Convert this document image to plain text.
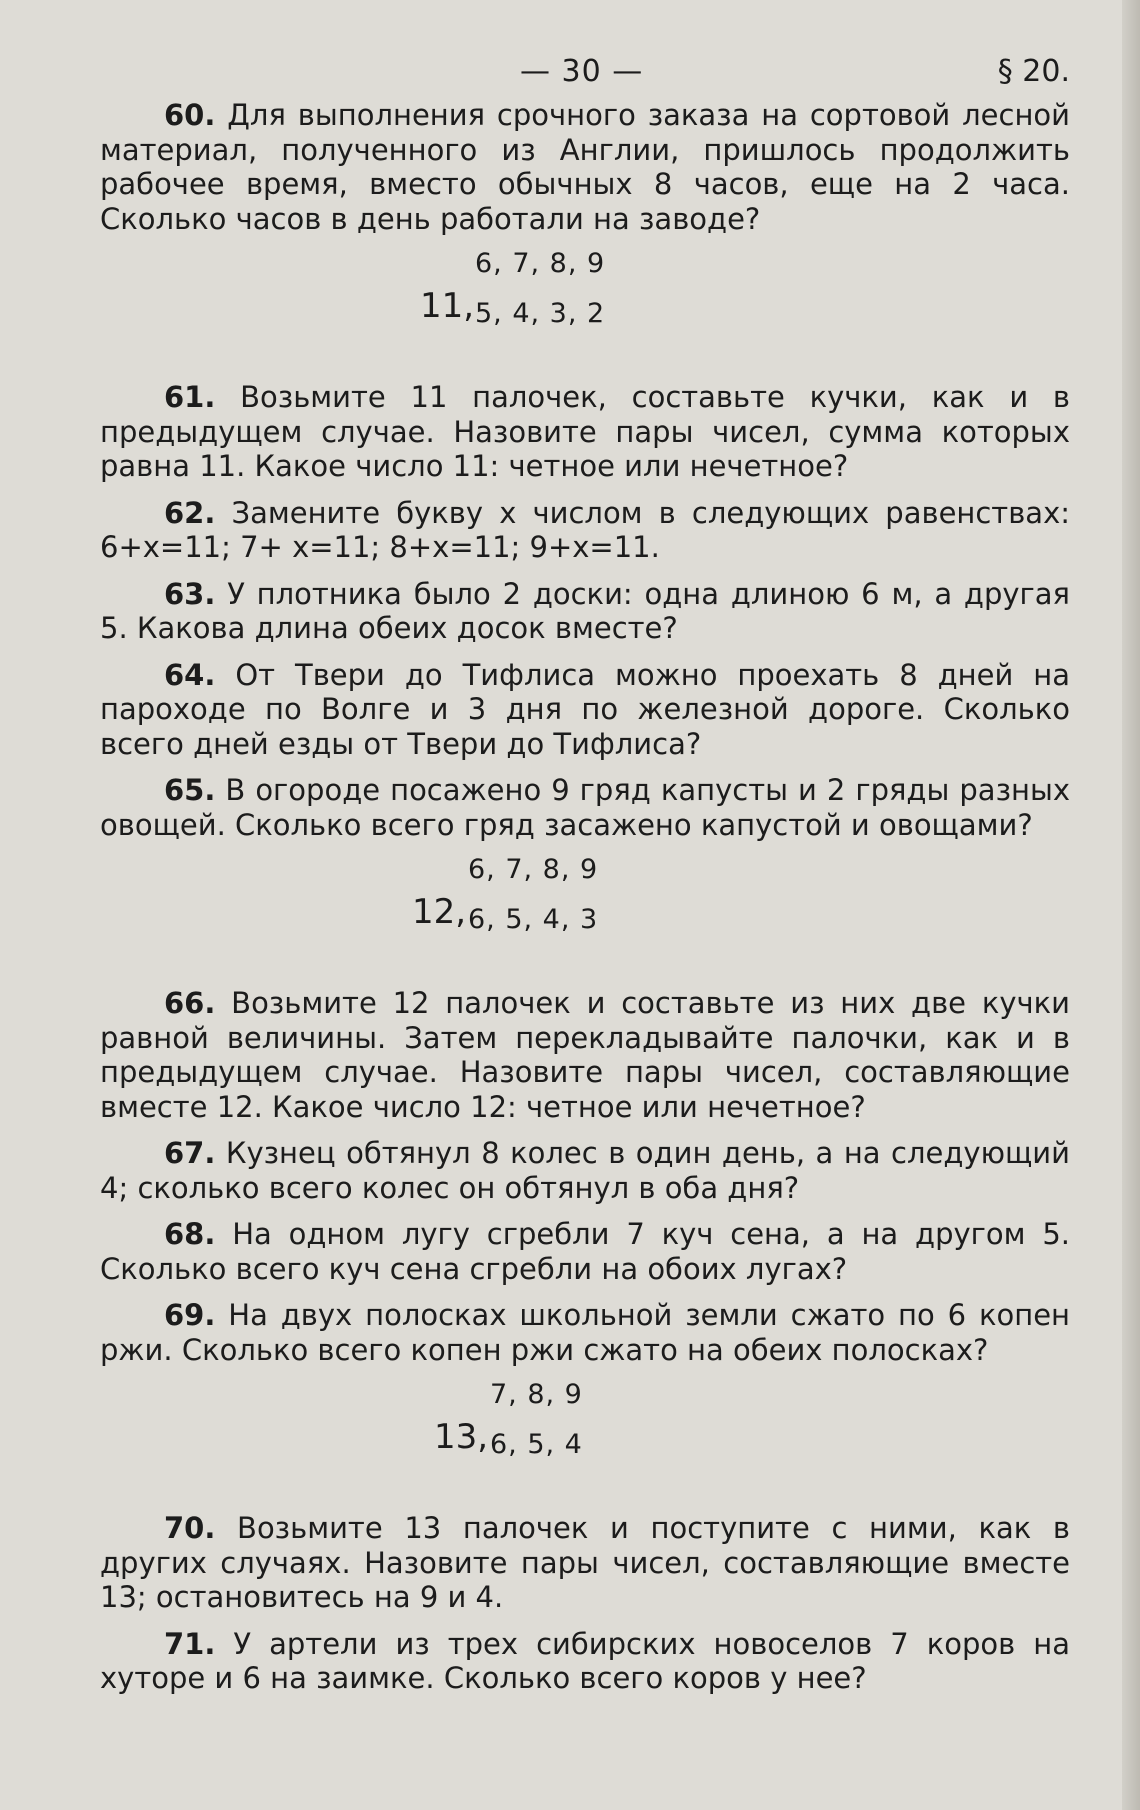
— 30 —	§ 20.

60. Для выполнения срочного заказа на сортовой лесной материал, полученного из Англии, пришлось продолжить рабочее время, вместо обычных 8 часов, еще на 2 часа. Сколько часов в день работали на заводе?

11,
6, 7, 8, 9
5, 4, 3, 2

61. Возьмите 11 палочек, составьте кучки, как и в предыдущем случае. Назовите пары чисел, сумма которых равна 11. Какое число 11: четное или нечетное?

62. Замените букву х числом в следующих равенствах: 6+x=11; 7+ x=11; 8+x=11; 9+x=11.

63. У плотника было 2 доски: одна длиною 6 м, а другая 5. Какова длина обеих досок вместе?

64. От Твери до Тифлиса можно проехать 8 дней на пароходе по Волге и 3 дня по железной дороге. Сколько всего дней езды от Твери до Тифлиса?

65. В огороде посажено 9 гряд капусты и 2 гряды разных овощей. Сколько всего гряд засажено капустой и овощами?

12,
6, 7, 8, 9
6, 5, 4, 3

66. Возьмите 12 палочек и составьте из них две кучки равной величины. Затем перекладывайте палочки, как и в предыдущем случае. Назовите пары чисел, составляющие вместе 12. Какое число 12: четное или нечетное?

67. Кузнец обтянул 8 колес в один день, а на следующий 4; сколько всего колес он обтянул в оба дня?

68. На одном лугу сгребли 7 куч сена, а на другом 5. Сколько всего куч сена сгребли на обоих лугах?

69. На двух полосках школьной земли сжато по 6 копен ржи. Сколько всего копен ржи сжато на обеих полосках?

13,
7, 8, 9
6, 5, 4

70. Возьмите 13 палочек и поступите с ними, как в других случаях. Назовите пары чисел, составляющие вместе 13; остановитесь на 9 и 4.

71. У артели из трех сибирских новоселов 7 коров на хуторе и 6 на заимке. Сколько всего коров у нее?
